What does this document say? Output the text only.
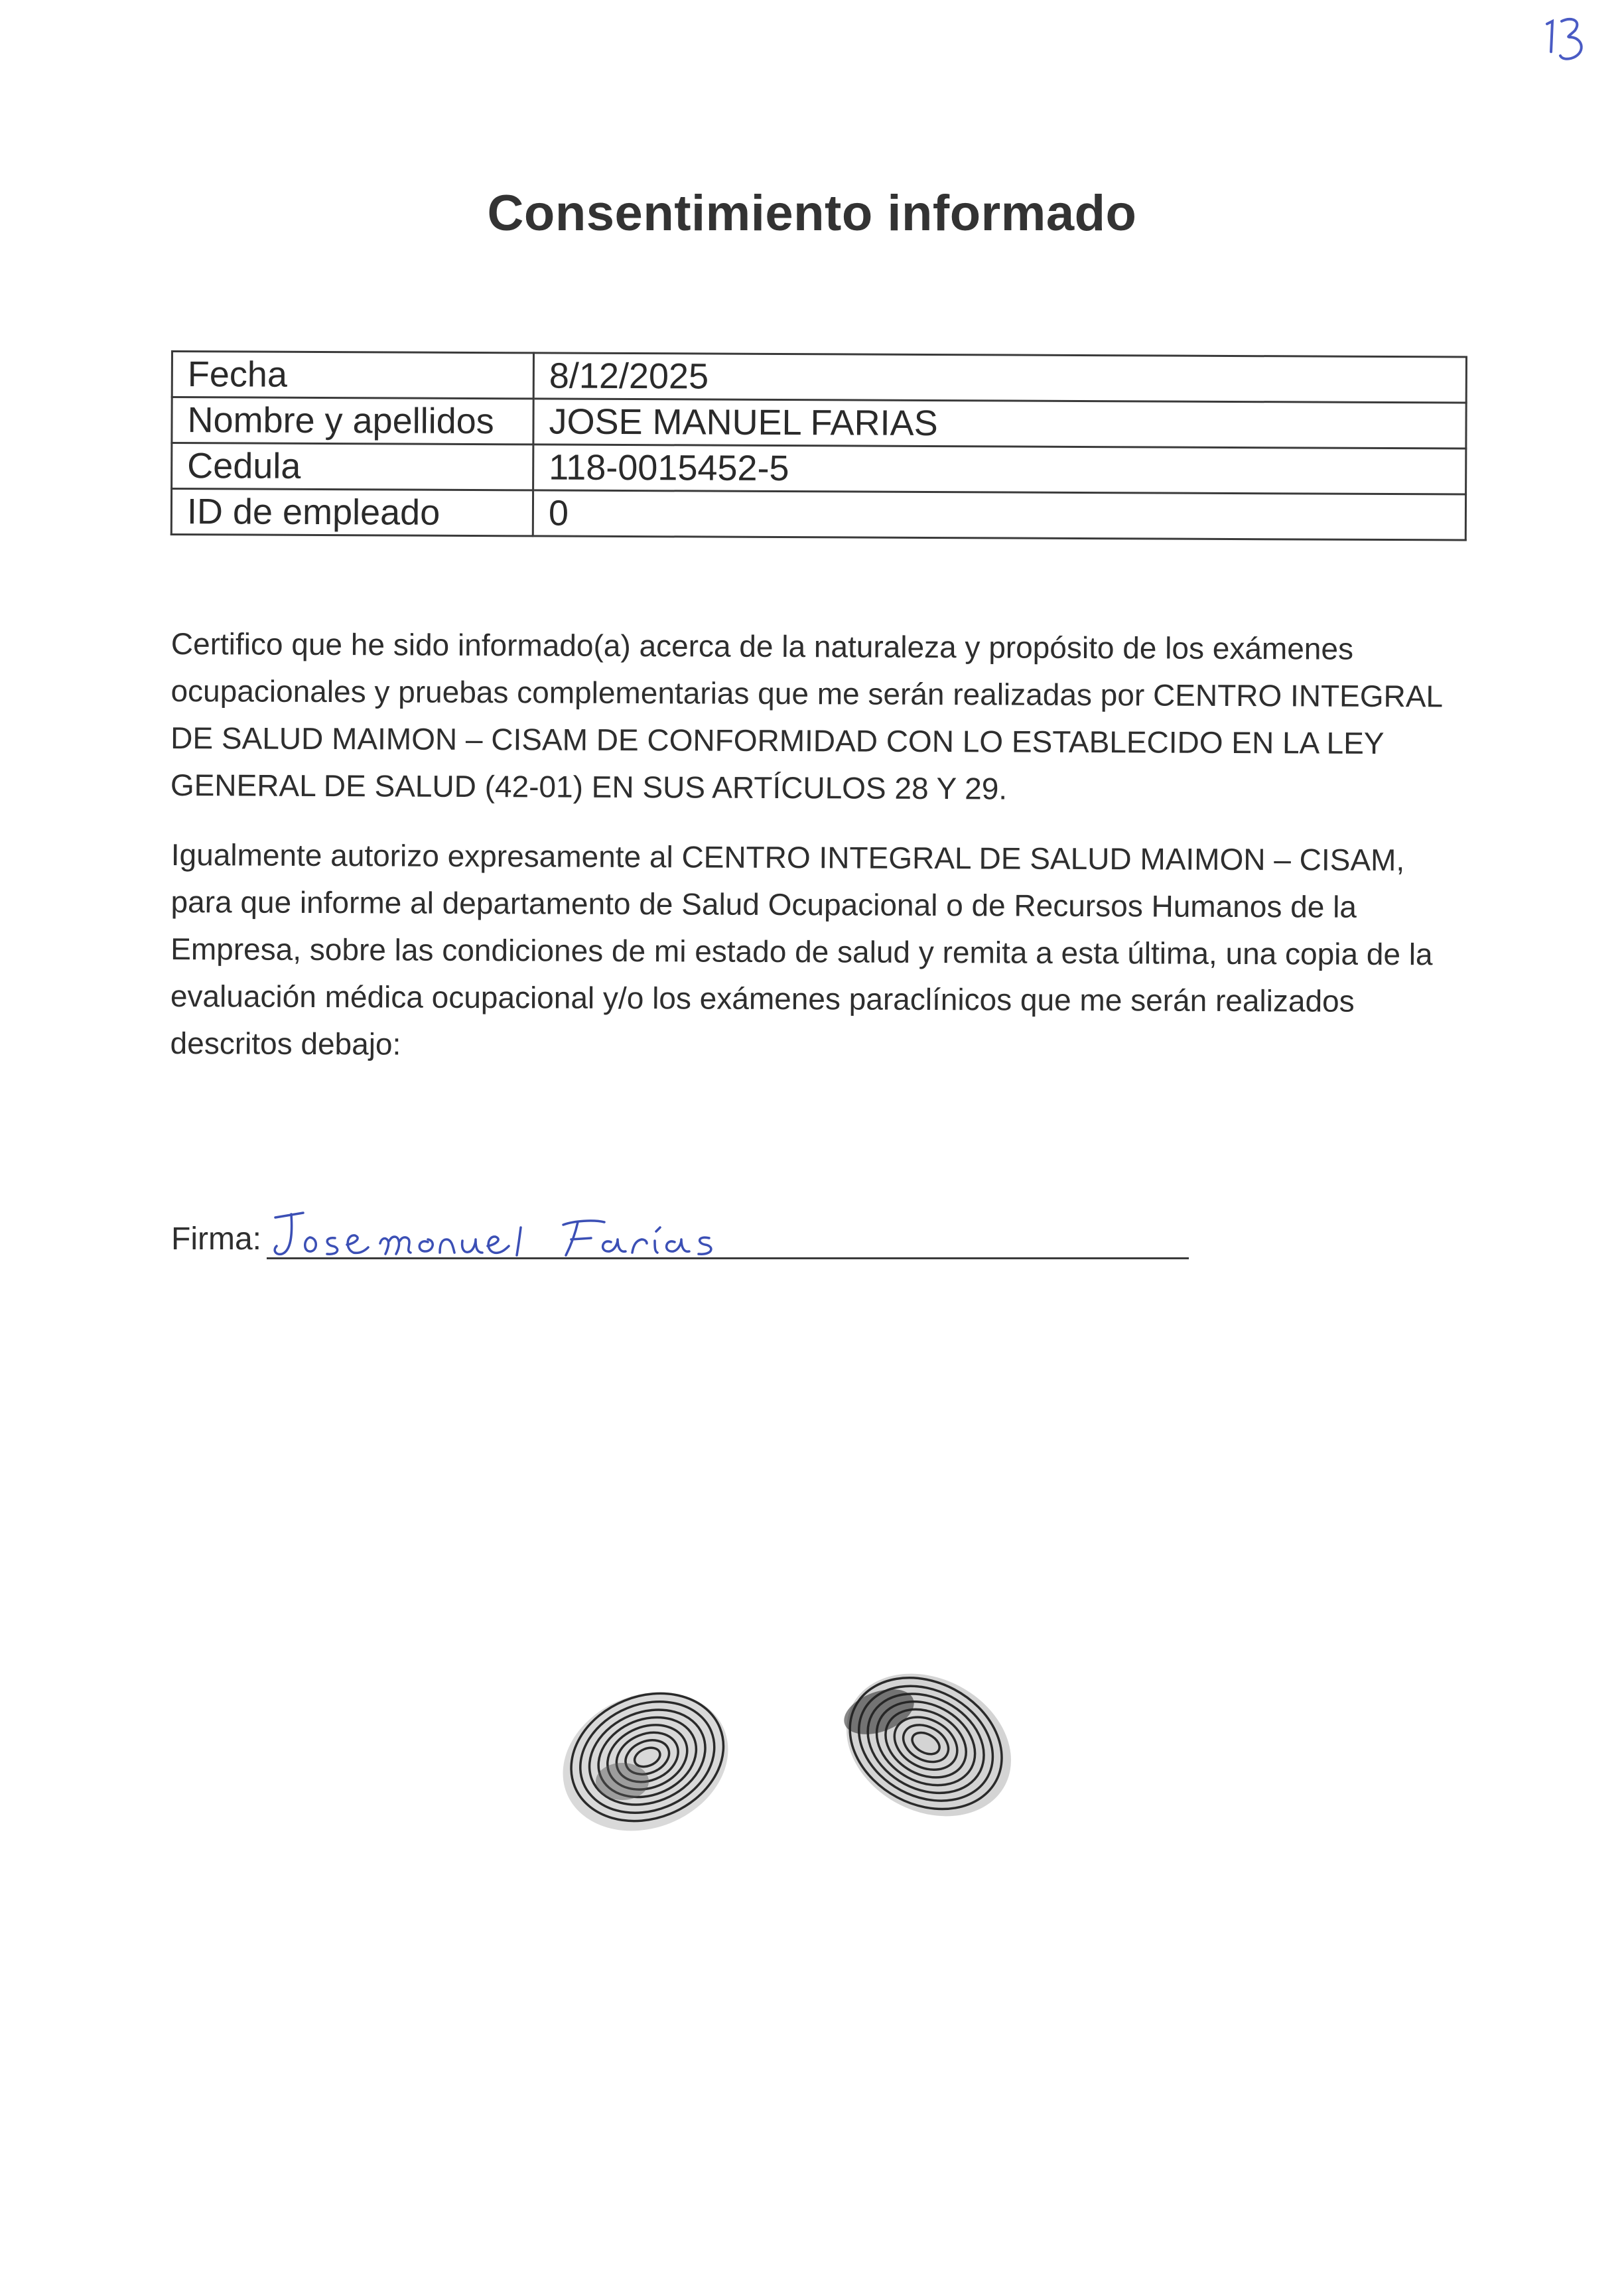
Consentimiento informado
Fecha	8/12/2025
Nombre y apellidos	JOSE MANUEL FARIAS
Cedula	118-0015452-5
ID de empleado	0
Certifico que he sido informado(a) acerca de la naturaleza y propósito de los exámenes ocupacionales y pruebas complementarias que me serán realizadas por CENTRO INTEGRAL DE SALUD MAIMON – CISAM DE CONFORMIDAD CON LO ESTABLECIDO EN LA LEY GENERAL DE SALUD (42-01) EN SUS ARTÍCULOS 28 Y 29.
Igualmente autorizo expresamente al CENTRO INTEGRAL DE SALUD MAIMON – CISAM, para que informe al departamento de Salud Ocupacional o de Recursos Humanos de la Empresa, sobre las condiciones de mi estado de salud y remita a esta última, una copia de la evaluación médica ocupacional y/o los exámenes paraclínicos que me serán realizados descritos debajo:
Firma:
